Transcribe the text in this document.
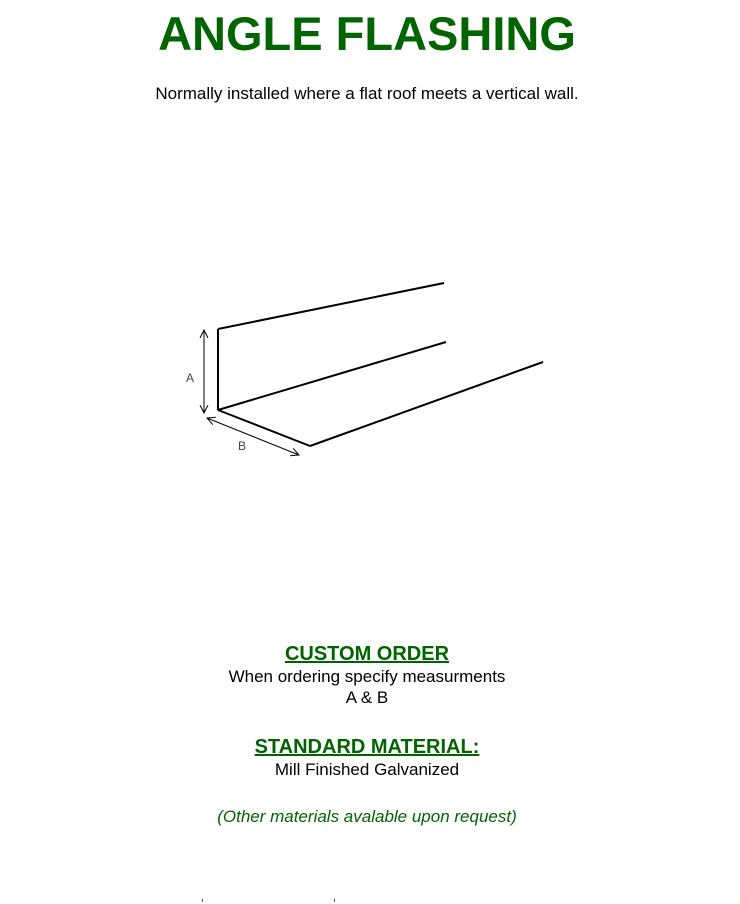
ANGLE FLASHING
Normally installed where a flat roof meets a vertical wall.
A
B
CUSTOM ORDER
When ordering specify measurments
A & B
STANDARD MATERIAL:
Mill Finished Galvanized
(Other materials avalable upon request)
